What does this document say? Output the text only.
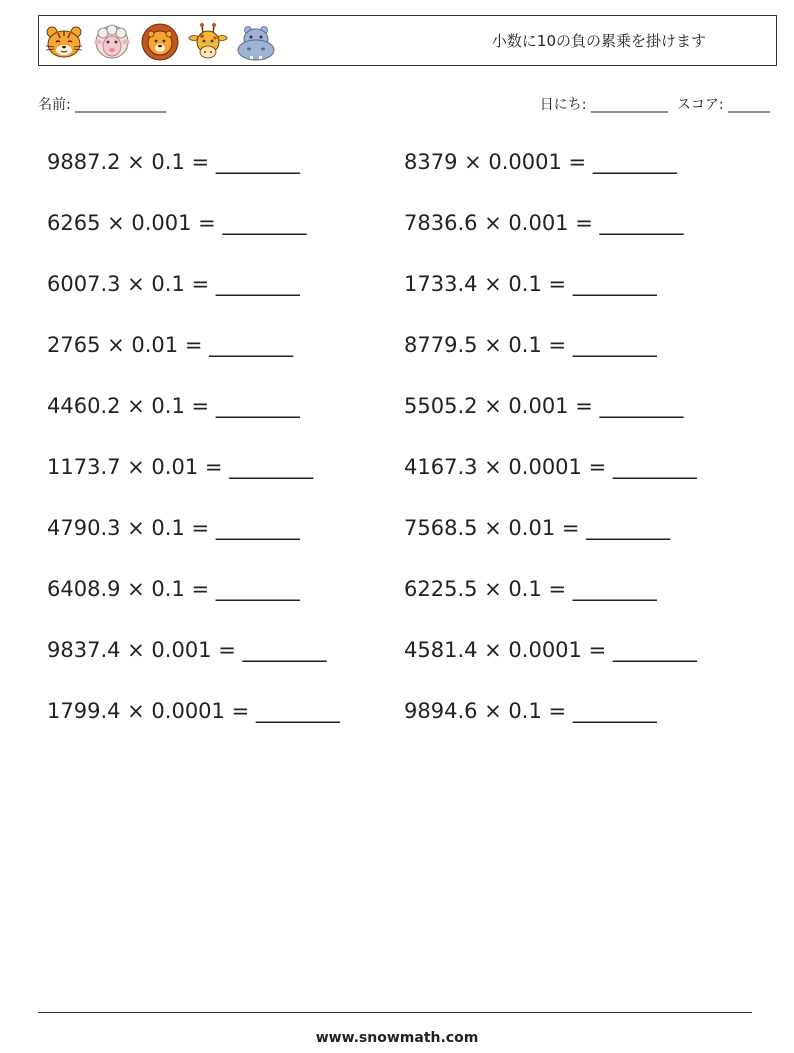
小数に10の負の累乗を掛けます
名前: _____________	日にち: ___________  スコア: ______
9887.2 × 0.1 = ________
6265 × 0.001 = ________
6007.3 × 0.1 = ________
2765 × 0.01 = ________
4460.2 × 0.1 = ________
1173.7 × 0.01 = ________
4790.3 × 0.1 = ________
6408.9 × 0.1 = ________
9837.4 × 0.001 = ________
1799.4 × 0.0001 = ________
8379 × 0.0001 = ________
7836.6 × 0.001 = ________
1733.4 × 0.1 = ________
8779.5 × 0.1 = ________
5505.2 × 0.001 = ________
4167.3 × 0.0001 = ________
7568.5 × 0.01 = ________
6225.5 × 0.1 = ________
4581.4 × 0.0001 = ________
9894.6 × 0.1 = ________
www.snowmath.com
